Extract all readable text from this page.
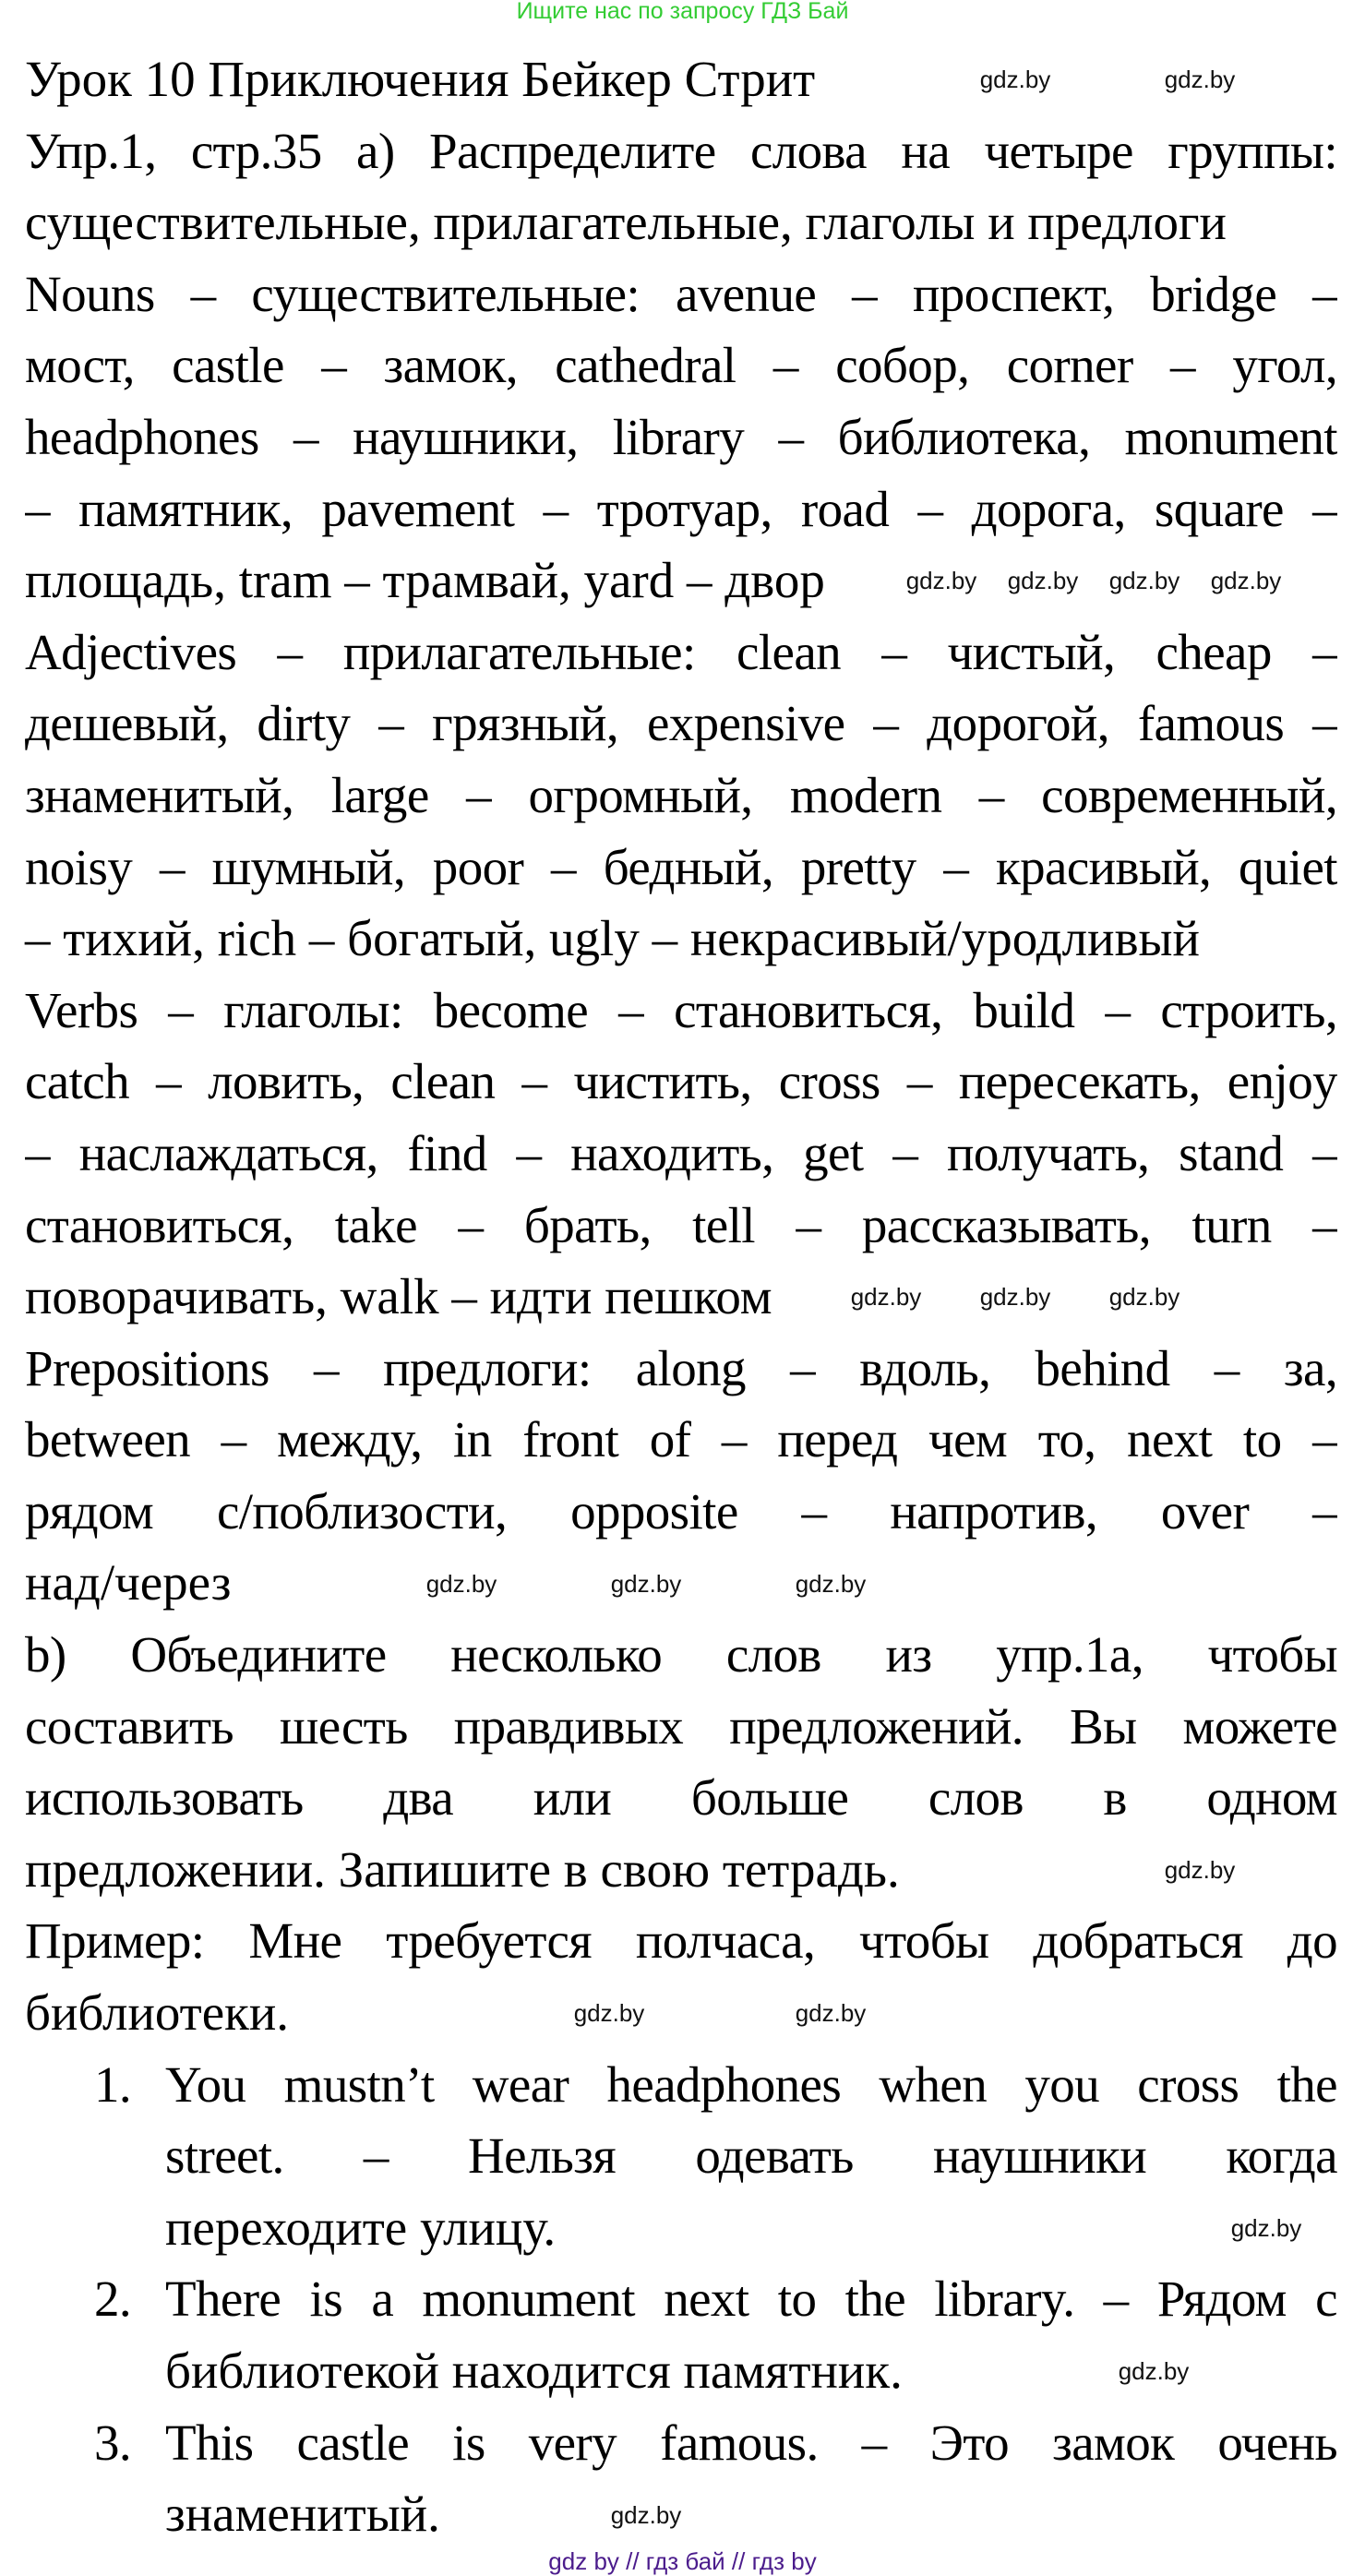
Ищите нас по запросу ГДЗ Бай
Урок 10 Приключения Бейкер Стрит
Упр.1, стр.35 a) Распределите слова на четыре группы:
существительные, прилагательные, глаголы и предлоги
Nouns – существительные: avenue – проспект, bridge –
мост, castle – замок, cathedral – собор, corner – угол,
headphones – наушники, library – библиотека, monument
– памятник, pavement – тротуар, road – дорога, square –
площадь, tram – трамвай, yard – двор
Adjectives – прилагательные: clean – чистый, cheap –
дешевый, dirty – грязный, expensive – дорогой, famous –
знаменитый, large – огромный, modern – современный,
noisy – шумный, poor – бедный, pretty – красивый, quiet
– тихий, rich – богатый, ugly – некрасивый/уродливый
Verbs – глаголы: become – становиться, build – строить,
catch – ловить, clean – чистить, cross – пересекать, enjoy
– наслаждаться, find – находить, get – получать, stand –
становиться, take – брать, tell – рассказывать, turn –
поворачивать, walk – идти пешком
Prepositions – предлоги: along – вдоль, behind – за,
between – между, in front of – перед чем то, next to –
рядом с/поблизости, opposite – напротив, over –
над/через
b) Объедините несколько слов из упр.1a, чтобы
составить шесть правдивых предложений. Вы можете
использовать два или больше слов в одном
предложении. Запишите в свою тетрадь.
Пример: Мне требуется полчаса, чтобы добраться до
библиотеки.
1. You mustn’t wear headphones when you cross the
street. – Нельзя одевать наушники когда
переходите улицу.
2. There is a monument next to the library. – Рядом с
библиотекой находится памятник.
3. This castle is very famous. – Это замок очень
знаменитый.
gdz.by	gdz.by
gdz.by gdz.by gdz.by gdz.by
gdz.by gdz.by gdz.by
gdz.by	gdz.by	gdz.by
gdz.by
gdz.by	gdz.by
gdz.by
gdz.by
gdz.by
gdz by // гдз бай // гдз by
